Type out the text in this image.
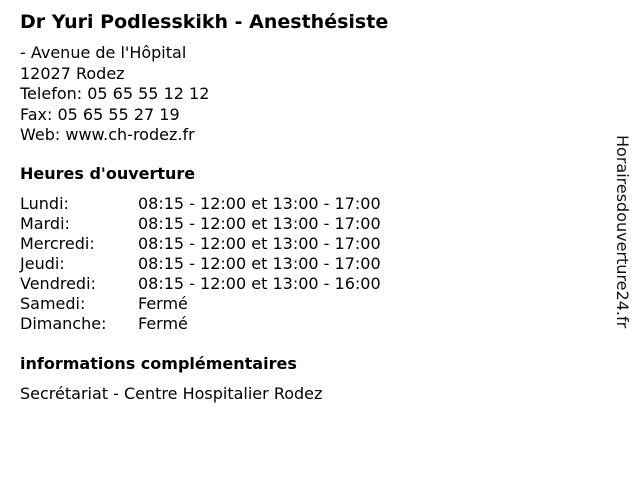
Dr Yuri Podlesskikh - Anesthésiste
- Avenue de l'Hôpital
12027 Rodez
Telefon: 05 65 55 12 12
Fax: 05 65 55 27 19
Web: www.ch-rodez.fr
Heures d'ouverture
Lundi:	08:15 - 12:00 et 13:00 - 17:00
Mardi:	08:15 - 12:00 et 13:00 - 17:00
Mercredi:	08:15 - 12:00 et 13:00 - 17:00
Jeudi:	08:15 - 12:00 et 13:00 - 17:00
Vendredi:	08:15 - 12:00 et 13:00 - 16:00
Samedi:	Fermé
Dimanche:	Fermé
informations complémentaires
Secrétariat - Centre Hospitalier Rodez
Horairesdouverture24.fr
